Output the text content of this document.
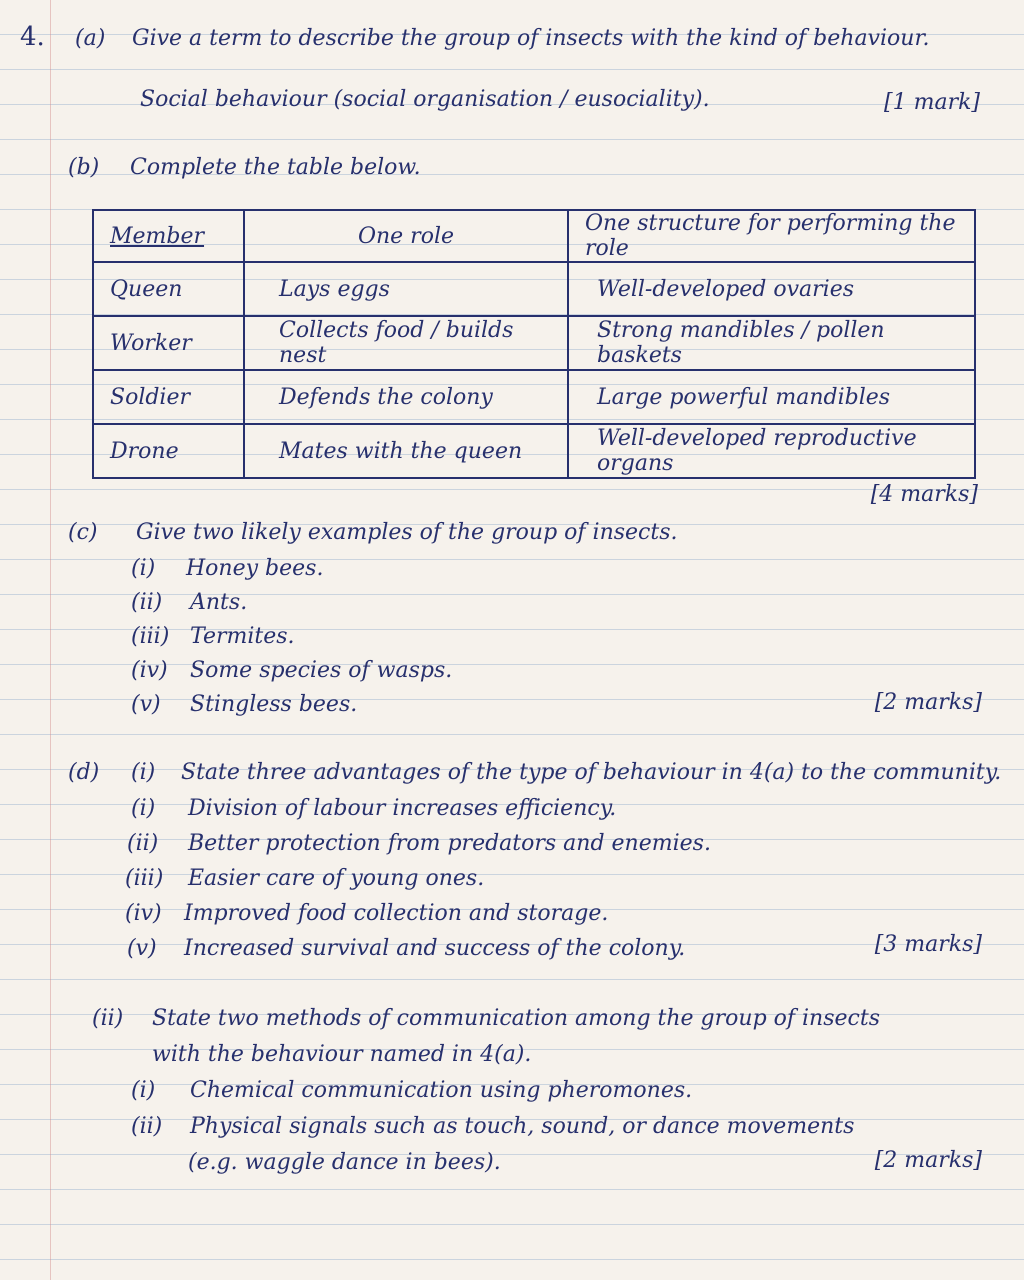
4. (a) Give a term to describe the group of insects with the kind of behaviour.
Social behaviour (social organisation / eusociality).	[1 mark]
(b) Complete the table below.
Member	One role	One structure for performing the role
Queen	Lays eggs	Well-developed ovaries
Worker	Collects food / builds nest	Strong mandibles / pollen baskets
Soldier	Defends the colony	Large powerful mandibles
Drone	Mates with the queen	Well-developed reproductive organs
[4 marks]
(c) Give two likely examples of the group of insects.
(i) Honey bees.
(ii) Ants.
(iii) Termites.
(iv) Some species of wasps.
(v) Stingless bees.	[2 marks]
(d) (i) State three advantages of the type of behaviour in 4(a) to the community.
(i) Division of labour increases efficiency.
(ii) Better protection from predators and enemies.
(iii) Easier care of young ones.
(iv) Improved food collection and storage.
(v) Increased survival and success of the colony.	[3 marks]
(ii) State two methods of communication among the group of insects
with the behaviour named in 4(a).
(i) Chemical communication using pheromones.
(ii) Physical signals such as touch, sound, or dance movements
(e.g. waggle dance in bees).	[2 marks]
